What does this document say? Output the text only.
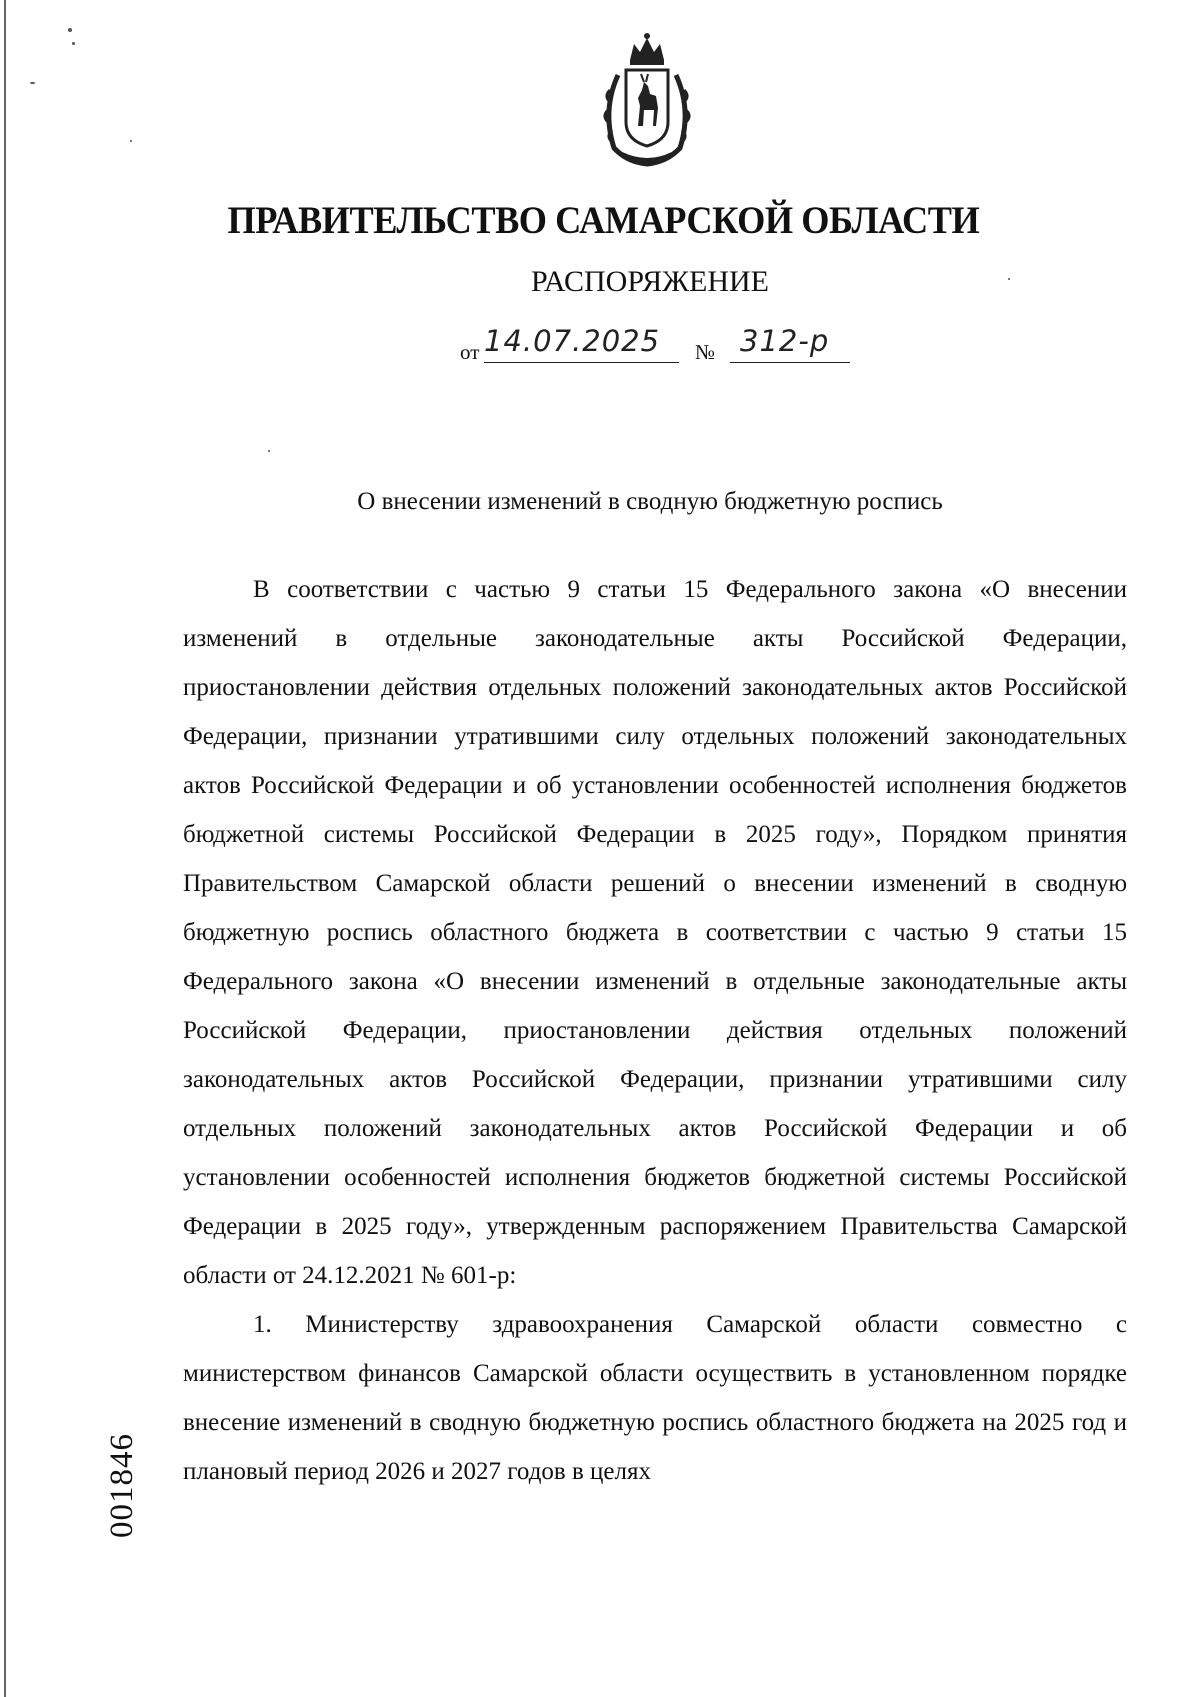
ПРАВИТЕЛЬСТВО САМАРСКОЙ ОБЛАСТИ
РАСПОРЯЖЕНИЕ
от 14.07.2025 № 312-р
О внесении изменений в сводную бюджетную роспись

В соответствии с частью 9 статьи 15 Федерального закона «О внесении изменений в отдельные законодательные акты Российской Федерации, приостановлении действия отдельных положений законодательных актов Российской Федерации, признании утратившими силу отдельных положений законодательных актов Российской Федерации и об установлении особенностей исполнения бюджетов бюджетной системы Российской Федерации в 2025 году», Порядком принятия Правительством Самарской области решений о внесении изменений в сводную бюджетную роспись областного бюджета в соответствии с частью 9 статьи 15 Федерального закона «О внесении изменений в отдельные законодательные акты Российской Федерации, приостановлении действия отдельных положений законодательных актов Российской Федерации, признании утратившими силу отдельных положений законодательных актов Российской Федерации и об установлении особенностей исполнения бюджетов бюджетной системы Российской Федерации в 2025 году», утвержденным распоряжением Правительства Самарской области от 24.12.2021 № 601-р:

1. Министерству здравоохранения Самарской области совместно с министерством финансов Самарской области осуществить в установленном порядке внесение изменений в сводную бюджетную роспись областного бюджета на 2025 год и плановый период 2026 и 2027 годов в целях

001846
